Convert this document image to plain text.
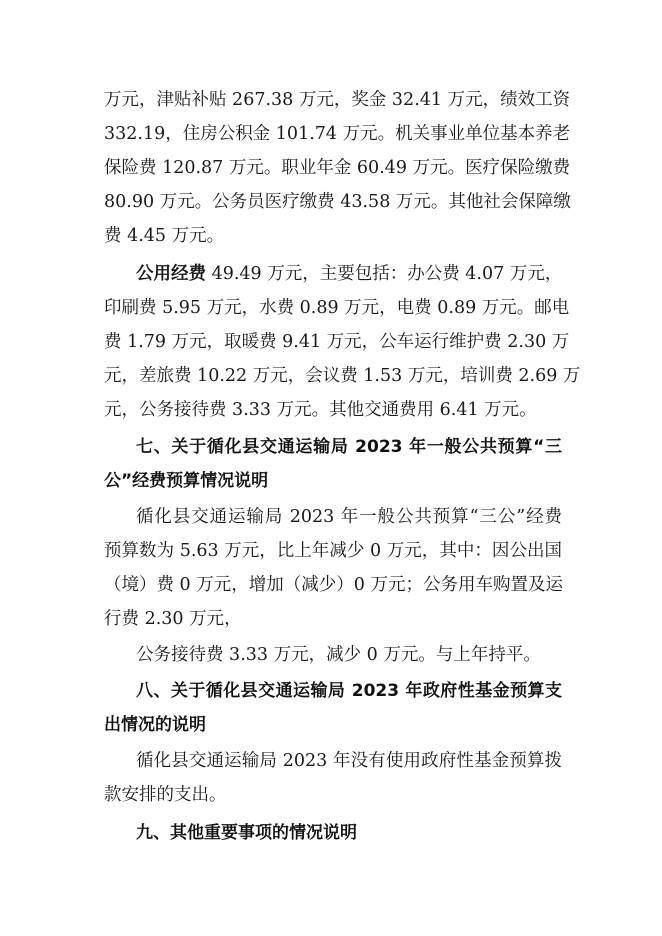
万元，津贴补贴 267.38 万元，奖金 32.41 万元，绩效工资
332.19，住房公积金 101.74 万元。机关事业单位基本养老
保险费 120.87 万元。职业年金 60.49 万元。医疗保险缴费
80.90 万元。公务员医疗缴费 43.58 万元。其他社会保障缴
费 4.45 万元。
公用经费 49.49 万元，主要包括：办公费 4.07 万元，
印刷费 5.95 万元，水费 0.89 万元，电费 0.89 万元。邮电
费 1.79 万元，取暖费 9.41 万元，公车运行维护费 2.30 万
元，差旅费 10.22 万元，会议费 1.53 万元，培训费 2.69 万
元，公务接待费 3.33 万元。其他交通费用 6.41 万元。
七、关于循化县交通运输局 2023 年一般公共预算“三
公”经费预算情况说明
循化县交通运输局 2023 年一般公共预算“三公”经费
预算数为 5.63 万元，比上年减少 0 万元，其中：因公出国
（境）费 0 万元，增加（减少）0 万元；公务用车购置及运
行费 2.30 万元，
公务接待费 3.33 万元，减少 0 万元。与上年持平。
八、关于循化县交通运输局 2023 年政府性基金预算支
出情况的说明
循化县交通运输局 2023 年没有使用政府性基金预算拨
款安排的支出。
九、其他重要事项的情况说明
